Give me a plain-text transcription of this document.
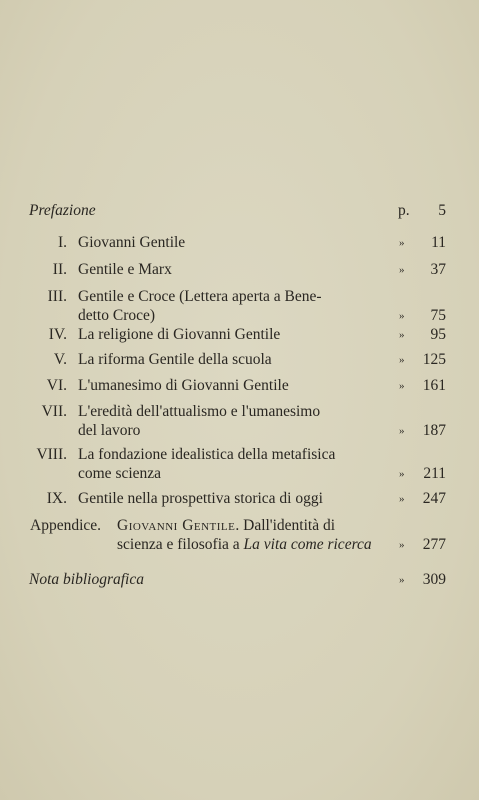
Prefazione	p. 5
I. Giovanni Gentile	» 11
II. Gentile e Marx	» 37
III. Gentile e Croce (Lettera aperta a Bene-
detto Croce)	» 75
IV. La religione di Giovanni Gentile	» 95
V. La riforma Gentile della scuola	» 125
VI. L'umanesimo di Giovanni Gentile	» 161
VII. L'eredità dell'attualismo e l'umanesimo
del lavoro	» 187
VIII. La fondazione idealistica della metafisica
come scienza	» 211
IX. Gentile nella prospettiva storica di oggi	» 247
Appendice. Giovanni Gentile. Dall'identità di
scienza e filosofia a La vita come ricerca » 277
Nota bibliografica	» 309
